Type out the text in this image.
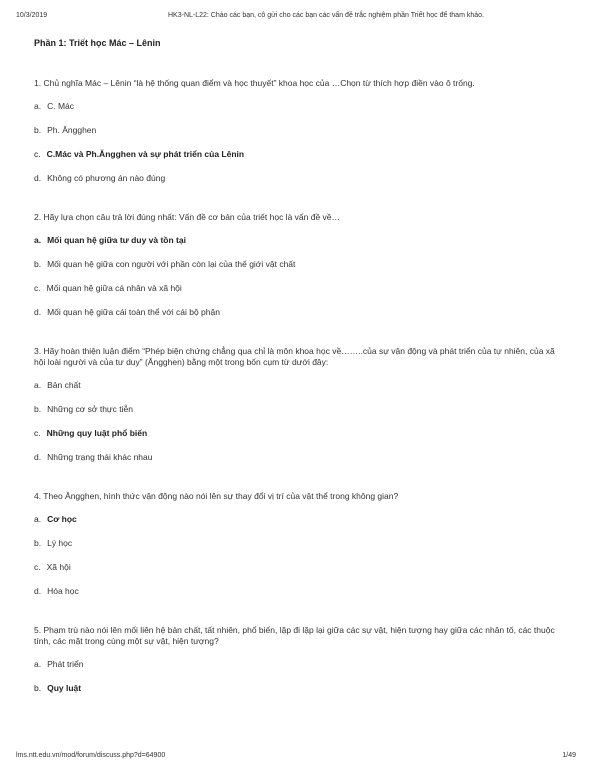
10/3/2019	HK3-NL-L22: Chào các bạn, cô gửi cho các bạn các vấn đề trắc nghiệm phần Triết học để tham khảo.
Phần 1: Triết học Mác – Lênin

1. Chủ nghĩa Mác – Lênin “là hệ thống quan điểm và học thuyết” khoa học của …Chọn từ thích hợp điền vào ô trống.

a. C. Mác
b. Ph. Ăngghen
c. C.Mác và Ph.Ăngghen và sự phát triển của Lênin
d. Không có phương án nào đúng

2. Hãy lựa chọn câu trả lời đúng nhất: Vấn đề cơ bản của triết học là vấn đề về…

a. Mối quan hệ giữa tư duy và tồn tại
b. Mối quan hệ giữa con người với phần còn lại của thế giới vật chất
c. Mối quan hệ giữa cá nhân và xã hội
d. Mối quan hệ giữa cái toàn thể với cái bộ phận

3. Hãy hoàn thiện luận điểm “Phép biện chứng chẳng qua chỉ là môn khoa học về……..của sự vận động và phát triển của tự nhiên, của xã hội loài người và của tư duy” (Ăngghen) bằng một trong bốn cụm từ dưới đây:

a. Bản chất
b. Những cơ sở thực tiễn
c. Những quy luật phổ biến
d. Những trạng thái khác nhau

4. Theo Ăngghen, hình thức vận động nào nói lên sự thay đổi vị trí của vật thể trong không gian?

a. Cơ học
b. Lý học
c. Xã hội
d. Hóa học

5. Phạm trù nào nói lên mối liên hệ bản chất, tất nhiên, phổ biến, lặp đi lặp lại giữa các sự vật, hiện tượng hay giữa các nhân tố, các thuộc tính, các mặt trong cùng một sự vật, hiện tượng?

a. Phát triển
b. Quy luật
lms.ntt.edu.vn/mod/forum/discuss.php?d=64900	1/49
